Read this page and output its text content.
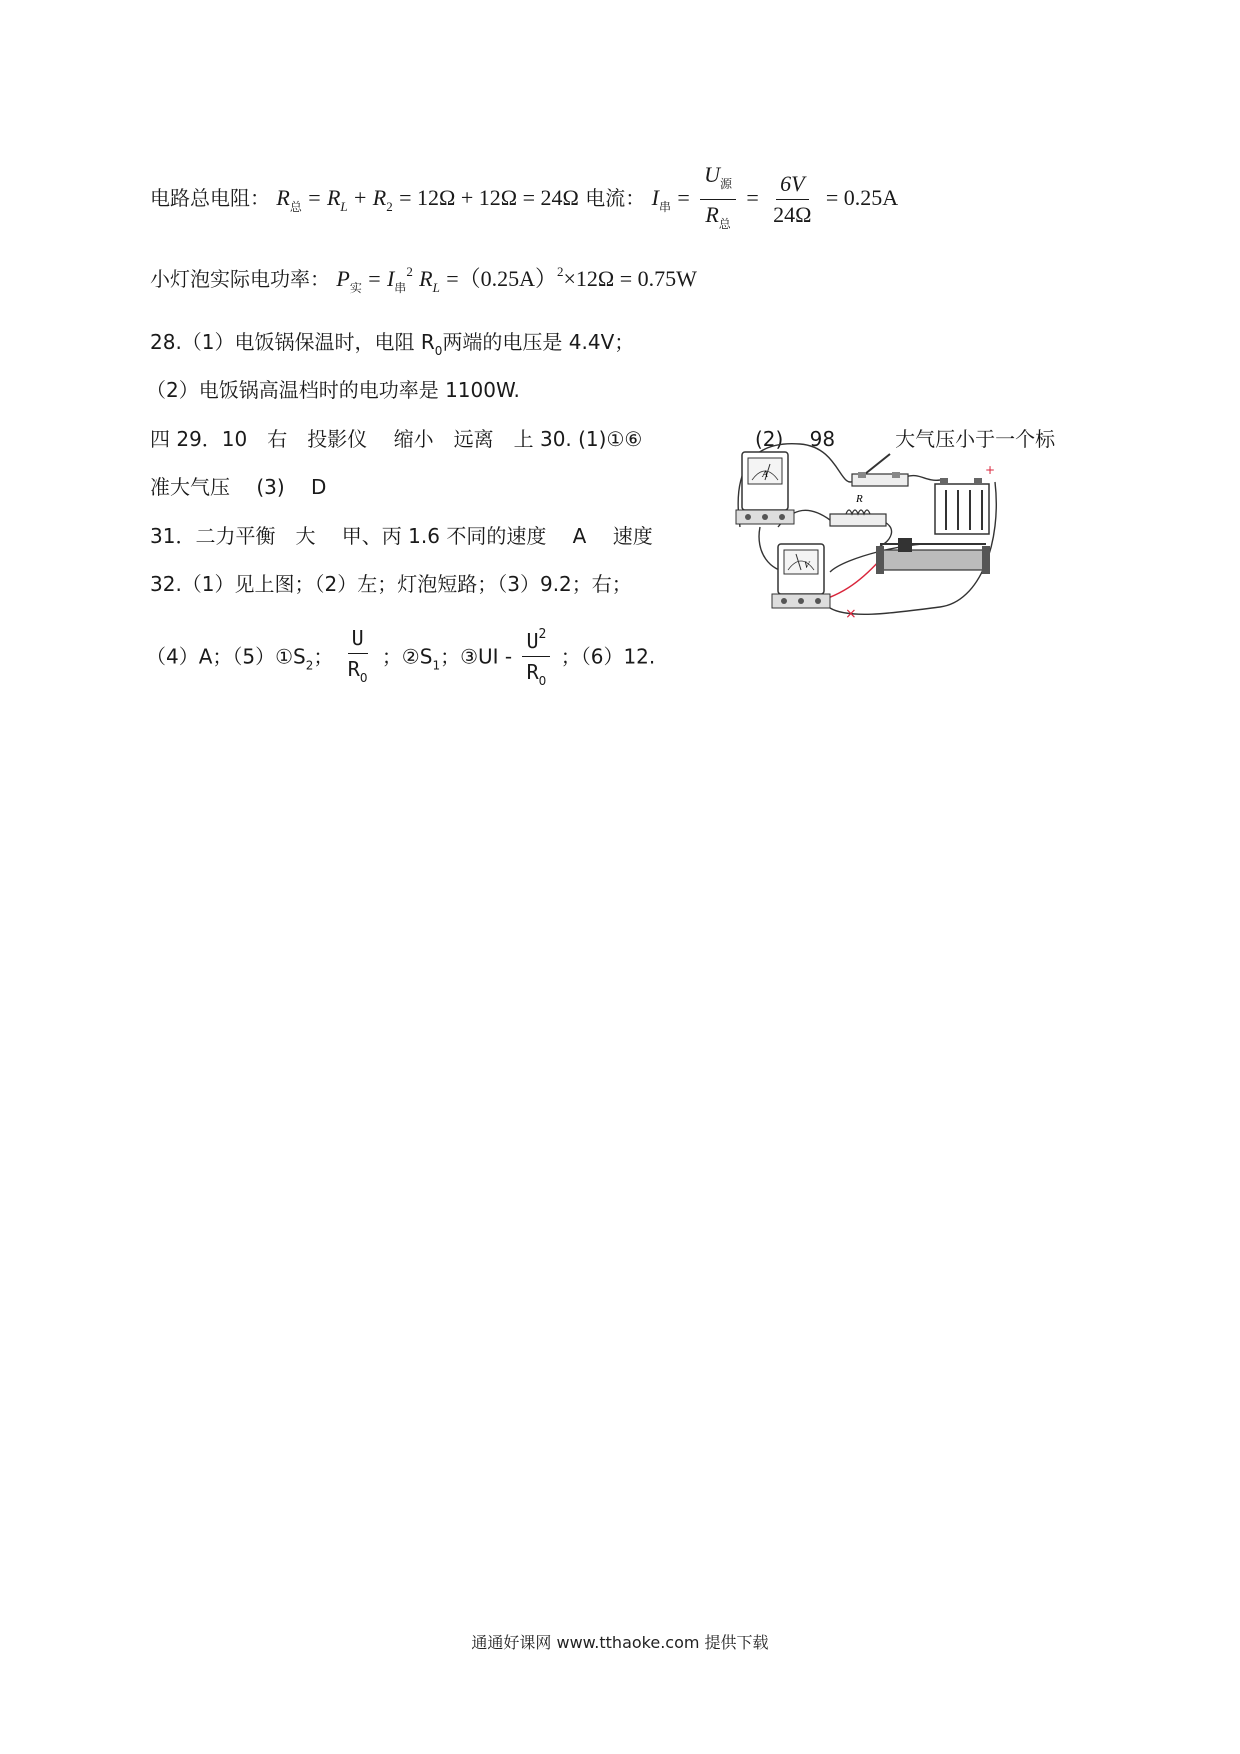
电路总电阻： $R_总 = R_L + R_2 = 12\Omega + 12\Omega = 24\Omega$ 电流： $I_串 = \frac{U_源}{R_总} = \frac{6V}{24\Omega} = 0.25A$
小灯泡实际电功率： $P_实 = I_串^2$ $R_L =(0.25A)^2\times 12\Omega = 0.75W$
28.（1）电饭锅保温时，电阻 $R_0$两端的电压是 4.4V；
（2）电饭锅高温档时的电功率是 1100W.
四 29．10　右　投影仪　 缩小　远离　上 30. (1)①⑥	(2)　 98　　　大气压小于一个标
准大气压　 (3)　 D
31．二力平衡　大　 甲、丙 1.6 不同的速度　 A　 速度
32.（1）见上图；（2）左；灯泡短路；（3）9.2；右；
（4）A；$(5)①S_2$； $\frac{U}{R_0}$ ；$②S_1$；③UI - $\frac{U^2}{R_0}$ ；（6）12.
A	+
R
V
×
通通好课网 www.tthaoke.com 提供下载
